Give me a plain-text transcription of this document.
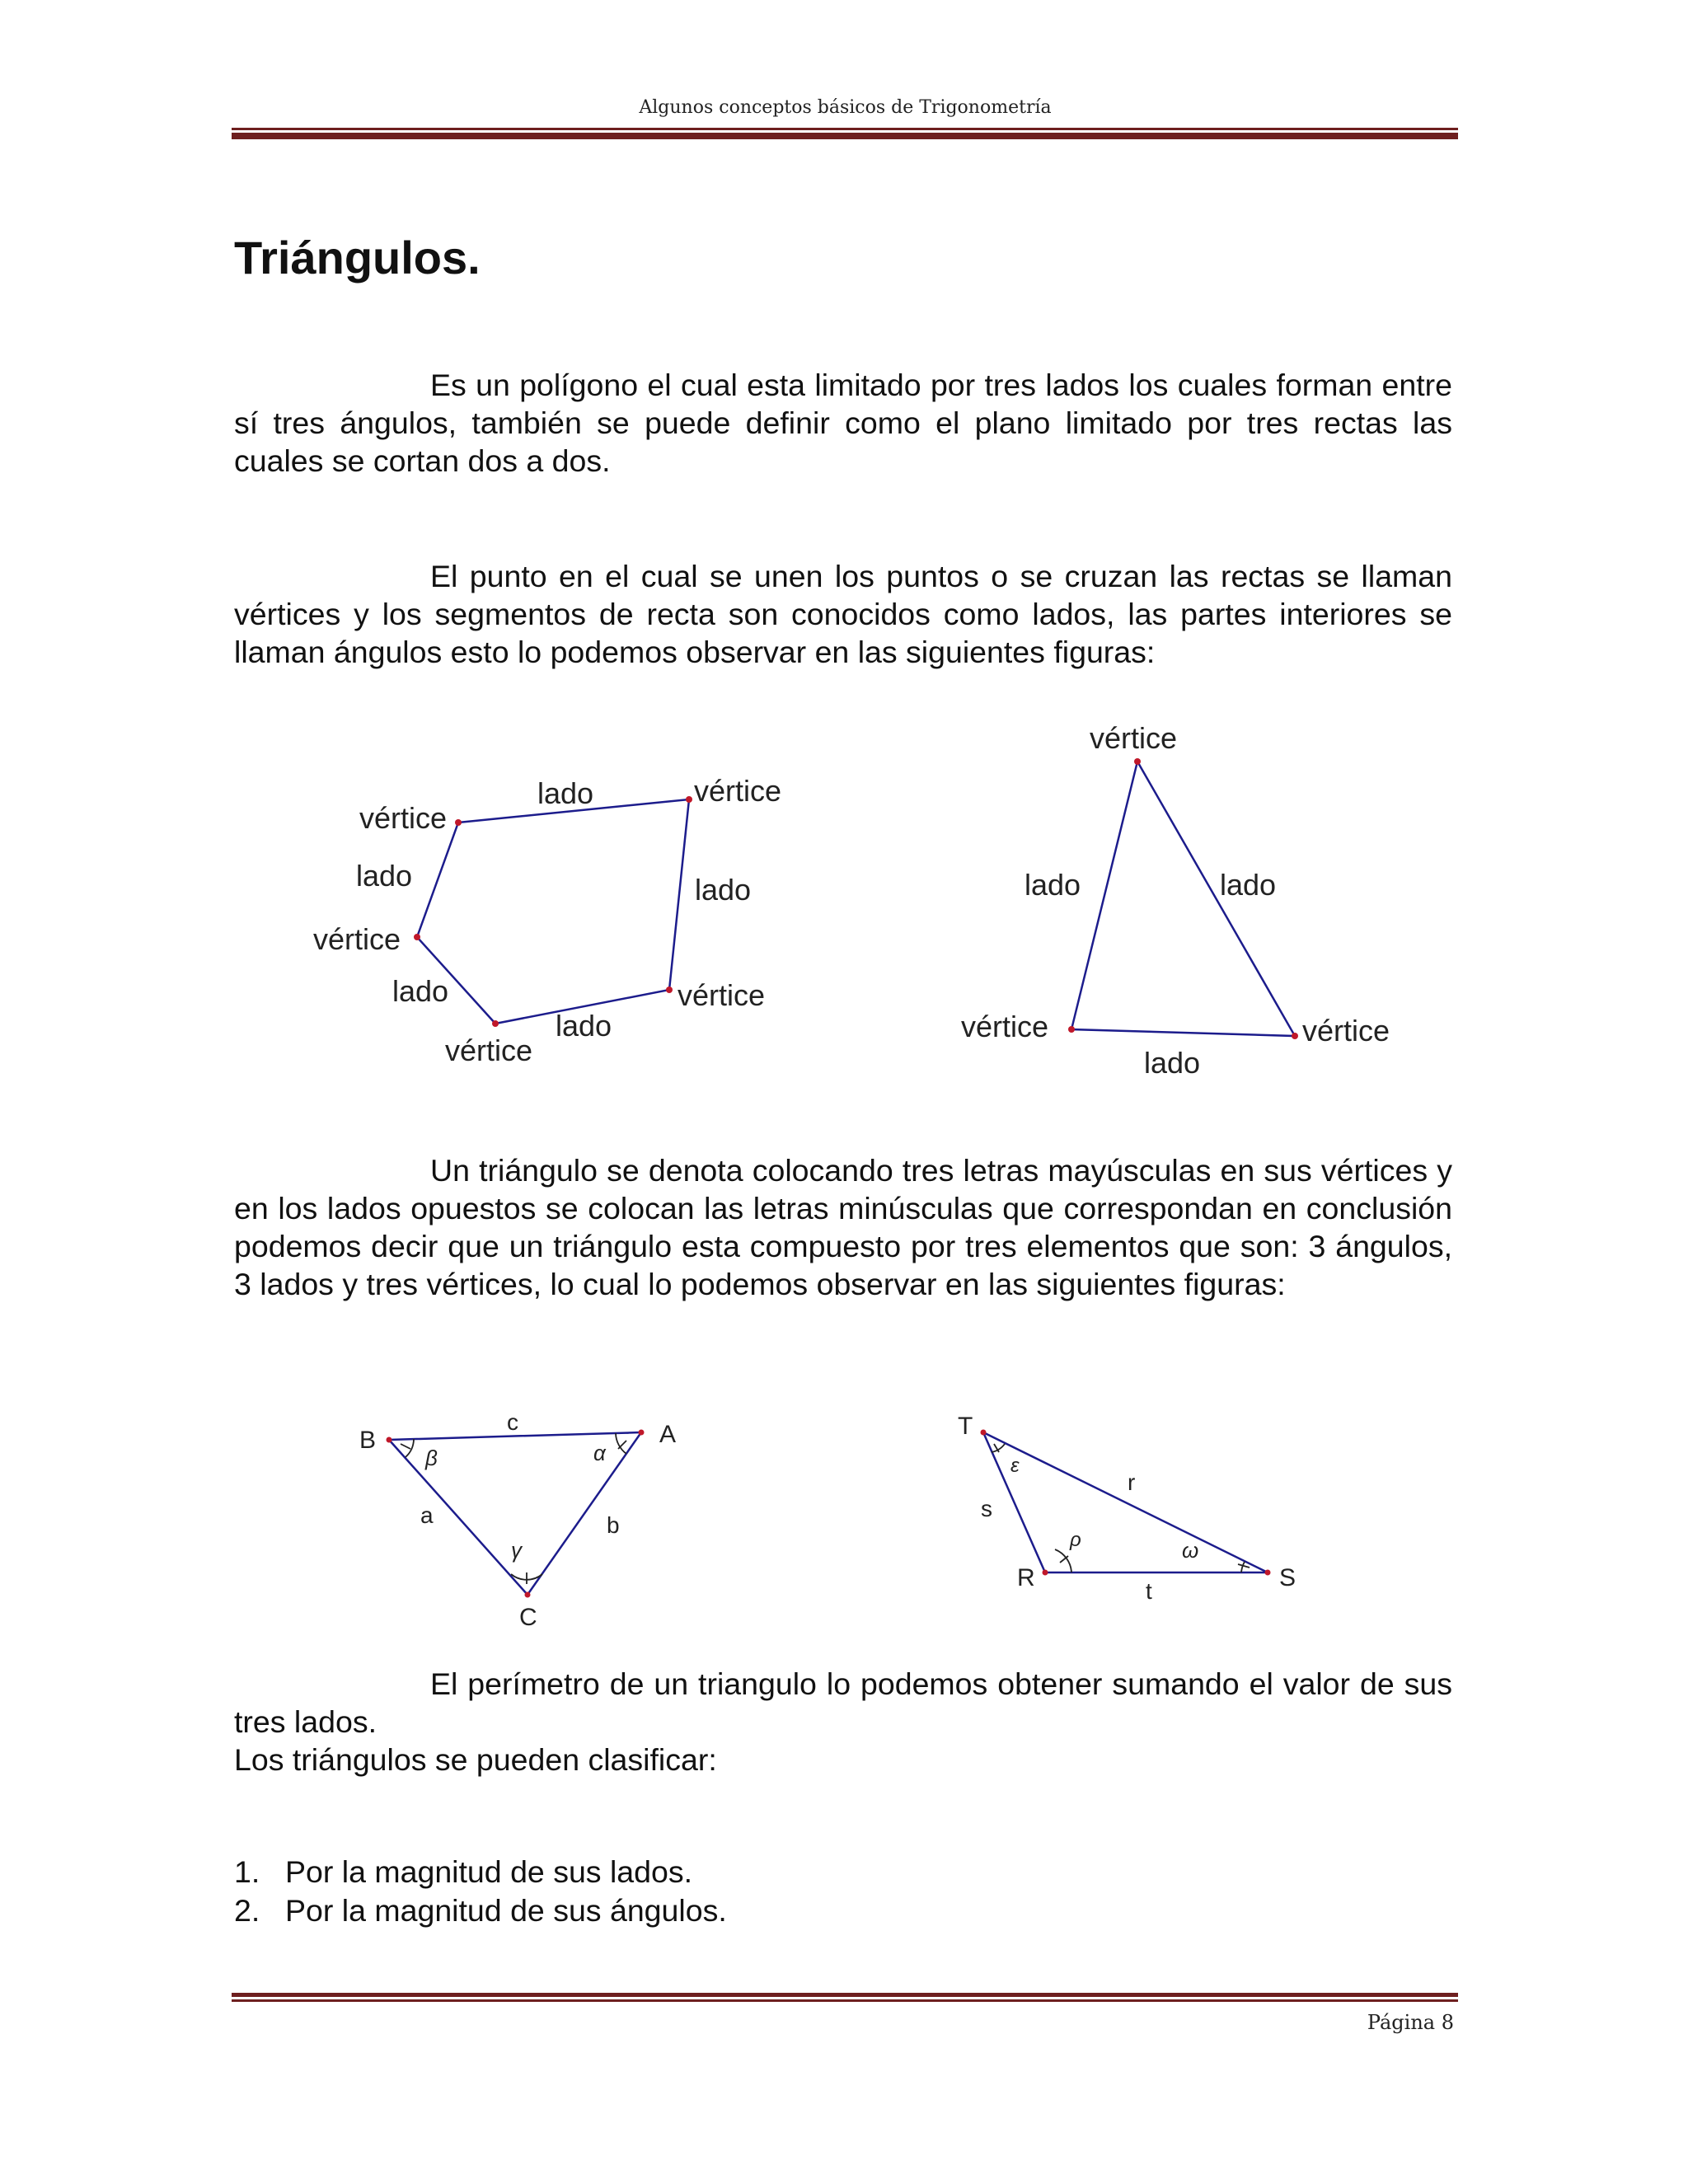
Algunos conceptos básicos de Trigonometría
Triángulos.

Es un polígono el cual esta limitado por tres lados los cuales forman entre sí tres ángulos, también se puede definir como el plano limitado por tres rectas las cuales se cortan dos a dos.

El punto en el cual se unen los puntos o se cruzan las rectas se llaman vértices y los segmentos de recta son conocidos como lados, las partes interiores se llaman ángulos esto lo podemos observar en las siguientes figuras:

vértice
vértice
vértice
vértice
vértice
lado
lado	lado
lado
lado
vértice
vértice	vértice
lado	lado
lado

Un triángulo se denota colocando tres letras mayúsculas en sus vértices y en los lados opuestos se colocan las letras minúsculas que correspondan en conclusión podemos decir que un triángulo esta compuesto por tres elementos que son: 3 ángulos, 3 lados y tres vértices, lo cual lo podemos observar en las siguientes figuras:

B	A
C
c
a	b
α
β
γ
T
R	S
r
s
t
ε
ρ	ω

El perímetro de un triangulo lo podemos obtener sumando el valor de sus tres lados.

Los triángulos se pueden clasificar:

1. Por la magnitud de sus lados.
2. Por la magnitud de sus ángulos.
Página 8
